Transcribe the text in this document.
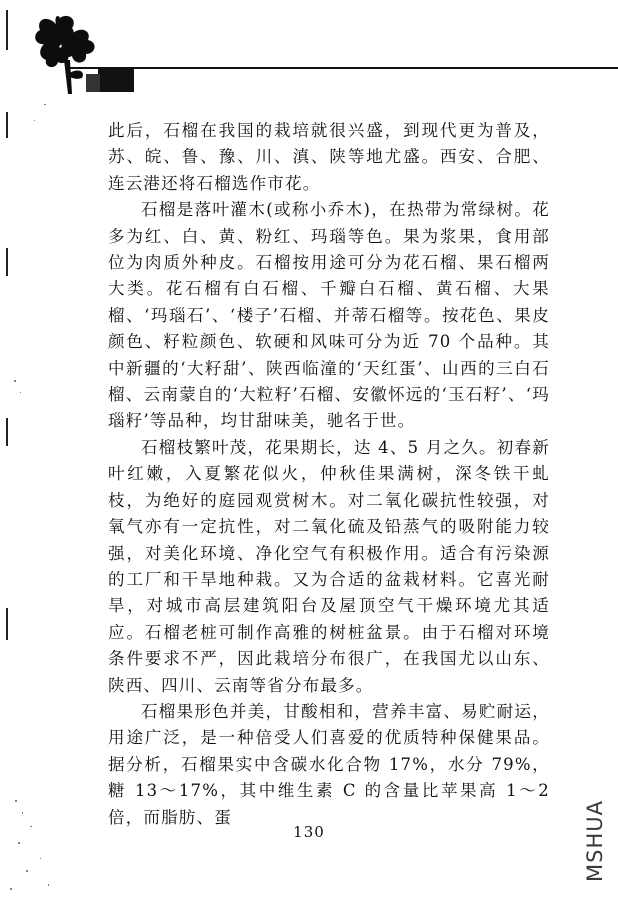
此后，石榴在我国的栽培就很兴盛，到现代更为普及，苏、皖、鲁、豫、川、滇、陕等地尤盛。西安、合肥、连云港还将石榴选作市花。

石榴是落叶灌木(或称小乔木)，在热带为常绿树。花多为红、白、黄、粉红、玛瑙等色。果为浆果，食用部位为肉质外种皮。石榴按用途可分为花石榴、果石榴两大类。花石榴有白石榴、千瓣白石榴、黄石榴、大果榴、‘玛瑙石’、‘楼子’石榴、并蒂石榴等。按花色、果皮颜色、籽粒颜色、软硬和风味可分为近 70 个品种。其中新疆的‘大籽甜’、陕西临潼的‘天红蛋’、山西的三白石榴、云南蒙自的‘大粒籽’石榴、安徽怀远的‘玉石籽’、‘玛瑙籽’等品种，均甘甜味美，驰名于世。

石榴枝繁叶茂，花果期长，达 4、5 月之久。初春新叶红嫩，入夏繁花似火，仲秋佳果满树，深冬铁干虬枝，为绝好的庭园观赏树木。对二氧化碳抗性较强，对氧气亦有一定抗性，对二氧化硫及铅蒸气的吸附能力较强，对美化环境、净化空气有积极作用。适合有污染源的工厂和干旱地种栽。又为合适的盆栽材料。它喜光耐旱，对城市高层建筑阳台及屋顶空气干燥环境尤其适应。石榴老桩可制作高雅的树桩盆景。由于石榴对环境条件要求不严，因此栽培分布很广，在我国尤以山东、陕西、四川、云南等省分布最多。

石榴果形色并美，甘酸相和，营养丰富、易贮耐运，用途广泛，是一种倍受人们喜爱的优质特种保健果品。据分析，石榴果实中含碳水化合物 17%，水分 79%，糖 13～17%，其中维生素 C 的含量比苹果高 1～2 倍，而脂肪、蛋

130	MSHUA
